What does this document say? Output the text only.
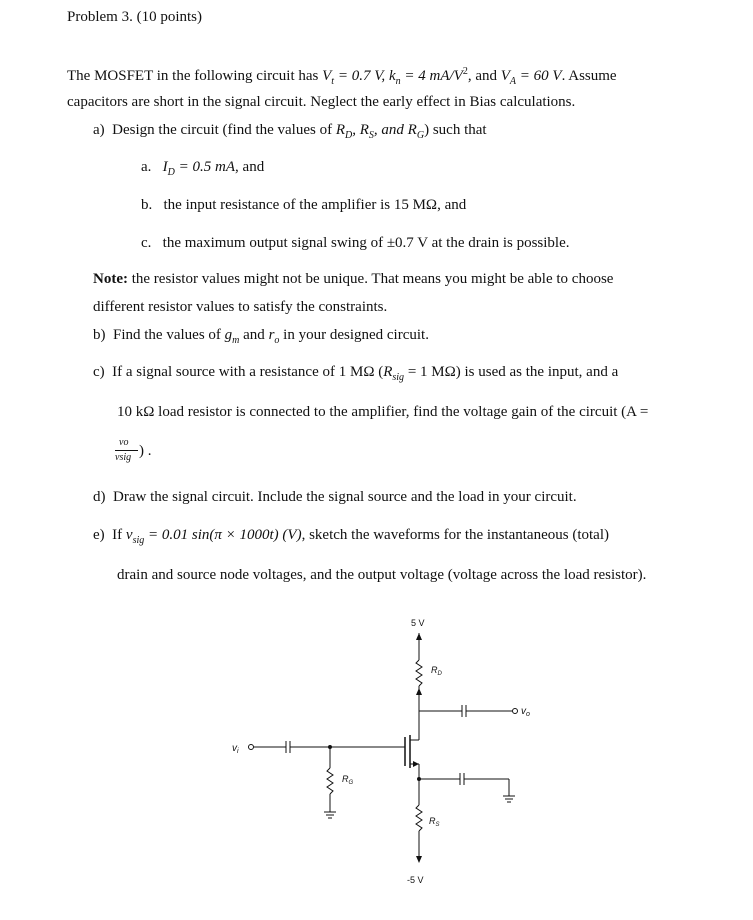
Problem 3. (10 points)
The MOSFET in the following circuit has $V_t = 0.7$ V, $k_n = 4$ $mA/V^2$, and $V_A = 60$ V. Assume
capacitors are short in the signal circuit. Neglect the early effect in Bias calculations.
a) Design the circuit (find the values of $R_D$, $R_S$, and $R_G$) such that
a. $I_D = 0.5$ mA, and
b. the input resistance of the amplifier is 15 MΩ, and
c. the maximum output signal swing of ±0.7 V at the drain is possible.
Note: the resistor values might not be unique. That means you might be able to choose
different resistor values to satisfy the constraints.
b) Find the values of $g_m$ and $r_o$ in your designed circuit.
c) If a signal source with a resistance of 1 MΩ ($R_{sig} = 1$ MΩ) is used as the input, and a
10 kΩ load resistor is connected to the amplifier, find the voltage gain of the circuit (A =
vo
vsig ) .
d) Draw the signal circuit. Include the signal source and the load in your circuit.
e) If $v_{sig} = 0.01$ sin(π × 1000t) (V), sketch the waveforms for the instantaneous (total)
drain and source node voltages, and the output voltage (voltage across the load resistor).
5 V
-5 V
$R_D$
$R_S$
$R_G$
$v_i$
$v_o$
